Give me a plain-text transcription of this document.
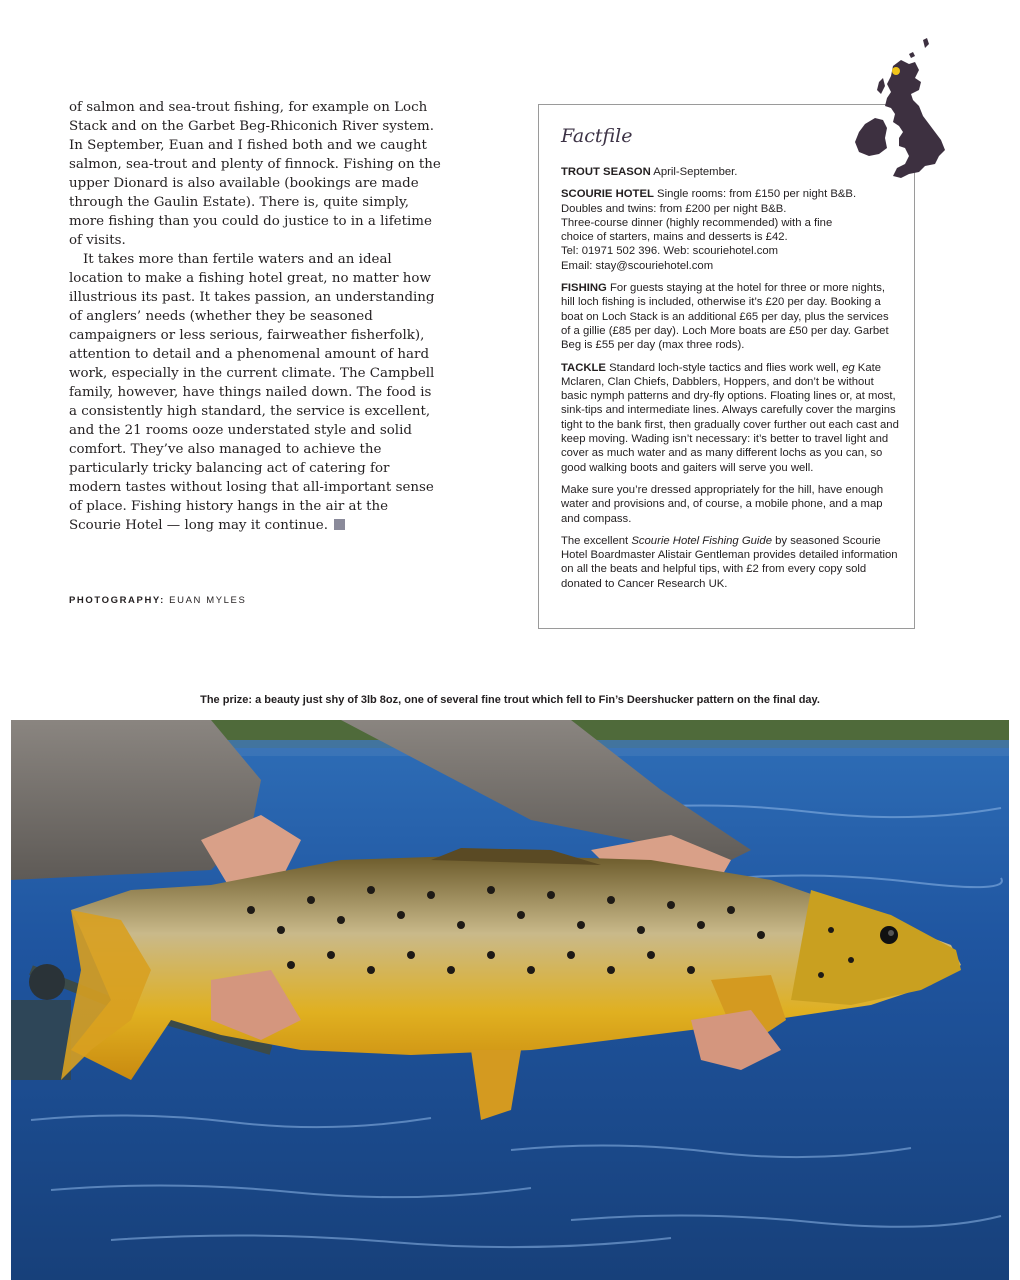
of salmon and sea-trout fishing, for example on Loch Stack and on the Garbet Beg-Rhiconich River system. In September, Euan and I fished both and we caught salmon, sea-trout and plenty of finnock. Fishing on the upper Dionard is also available (bookings are made through the Gaulin Estate). There is, quite simply, more fishing than you could do justice to in a lifetime of visits.

It takes more than fertile waters and an ideal location to make a fishing hotel great, no matter how illustrious its past. It takes passion, an understanding of anglers’ needs (whether they be seasoned campaigners or less serious, fairweather fisherfolk), attention to detail and a phenomenal amount of hard work, especially in the current climate. The Campbell family, however, have things nailed down. The food is a consistently high standard, the service is excellent, and the 21 rooms ooze understated style and solid comfort. They’ve also managed to achieve the particularly tricky balancing act of catering for modern tastes without losing that all-important sense of place. Fishing history hangs in the air at the Scourie Hotel — long may it continue.

PHOTOGRAPHY: EUAN MYLES
Factfile

TROUT SEASON April-September.

SCOURIE HOTEL Single rooms: from £150 per night B&B.
Doubles and twins: from £200 per night B&B.
Three-course dinner (highly recommended) with a fine
choice of starters, mains and desserts is £42.
Tel: 01971 502 396. Web: scouriehotel.com
Email: stay@scouriehotel.com

FISHING For guests staying at the hotel for three or more nights, hill loch fishing is included, otherwise it’s £20 per day. Booking a boat on Loch Stack is an additional £65 per day, plus the services of a gillie (£85 per day). Loch More boats are £50 per day. Garbet Beg is £55 per day (max three rods).

TACKLE Standard loch-style tactics and flies work well, eg Kate Mclaren, Clan Chiefs, Dabblers, Hoppers, and don’t be without basic nymph patterns and dry-fly options. Floating lines or, at most, sink-tips and intermediate lines. Always carefully cover the margins tight to the bank first, then gradually cover further out each cast and keep moving. Wading isn’t necessary: it’s better to travel light and cover as much water and as many different lochs as you can, so good walking boots and gaiters will serve you well.

Make sure you’re dressed appropriately for the hill, have enough water and provisions and, of course, a mobile phone, and a map and compass.

The excellent Scourie Hotel Fishing Guide by seasoned Scourie Hotel Boardmaster Alistair Gentleman provides detailed information on all the beats and helpful tips, with £2 from every copy sold donated to Cancer Research UK.

The prize: a beauty just shy of 3lb 8oz, one of several fine trout which fell to Fin’s Deershucker pattern on the final day.
